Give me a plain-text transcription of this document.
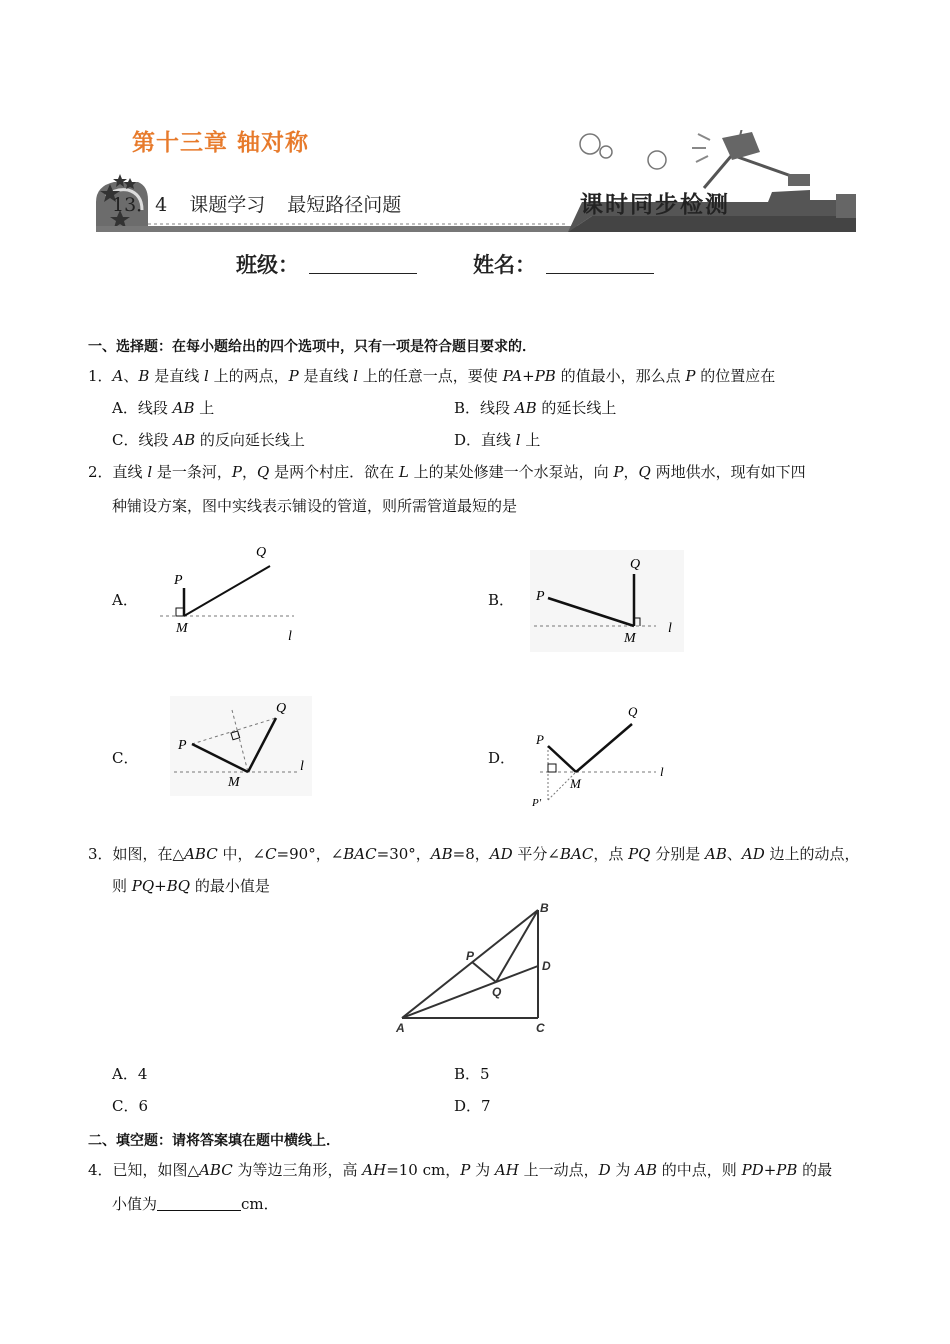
第十三章 轴对称
13．4 课题学习 最短路径问题	课时同步检测
班级：	姓名：
一、选择题：在每小题给出的四个选项中，只有一项是符合题目要求的．
1．A、B 是直线 l 上的两点，P 是直线 l 上的任意一点，要使 PA+PB 的值最小，那么点 P 的位置应在
A．线段 AB 上	B．线段 AB 的延长线上
C．线段 AB 的反向延长线上	D．直线 l 上
2．直线 l 是一条河，P，Q 是两个村庄．欲在 L 上的某处修建一个水泵站，向 P，Q 两地供水，现有如下四
种铺设方案，图中实线表示铺设的管道，则所需管道最短的是
A．	B．
C．	D．
P
Q
M
l
P
Q
M
l
P
Q
M
l
P
Q
M
l
P'
3．如图，在△ABC 中，∠C=90°，∠BAC=30°，AB=8，AD 平分∠BAC，点 PQ 分别是 AB、AD 边上的动点，
则 PQ+BQ 的最小值是
A
B
C
D
P
Q
A．4	B．5
C．6	D．7
二、填空题：请将答案填在题中横线上．
4．已知，如图△ABC 为等边三角形，高 AH=10 cm，P 为 AH 上一动点，D 为 AB 的中点，则 PD+PB 的最
小值为	cm．
